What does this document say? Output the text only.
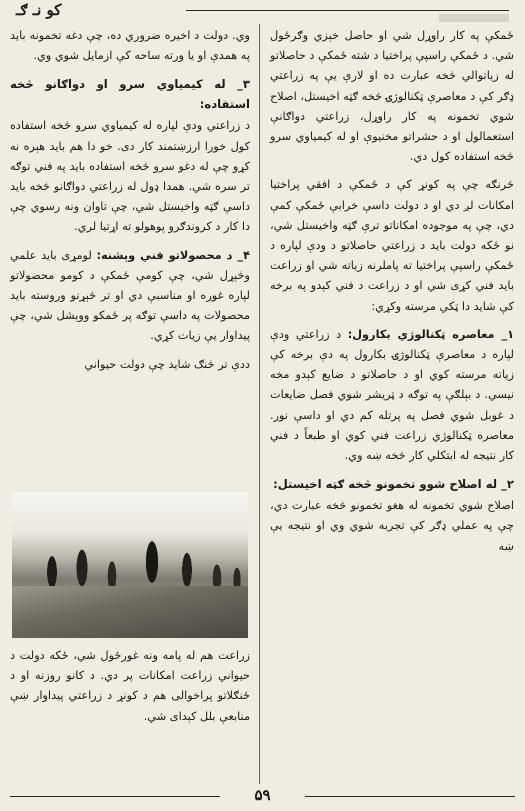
کو نـ ګـ

ځمکې په کار راوړل شي او حاصل خېزي وګرځول شي. د ځمکې راسپې پراختیا د شته ځمکې د حاصلاتو له زیاتوالي څخه عبارت ده او لارې یې په زراعتي ډګر کې د معاصرې ټکنالوژۍ څخه ګټه اخیستل، اصلاح شوي تخمونه په کار راوړل، زراعتي دواګانې استعمالول او د حشراتو مخنیوې او له کیمیاوي سرو څخه استفاده کول دي.

څرنګه چې په کونړ کې د ځمکې د افقي پراختیا امکانات لږ دي او د دولت داسې خرابې ځمکې کمې دي، چې په موجوده امکاناتو ترې ګټه واخیستل شي، نو ځکه دولت باید د زراعتي حاصلاتو د ودې لپاره د ځمکې راسپې پراختیا ته پاملرنه زیاته شي او زراعت باید فني کړی شي او د زراعت د فني کېدو په برخه کې شاید دا ټکي مرسته وکړي:

۱_ معاصره ټکنالوژي بکارول: د زراعتي ودې لپاره د معاصرې ټکنالوژۍ بکارول په دې برخه کې زیاته مرسته کوي او د حاصلاتو د ضایع کېدو مخه نیسي. د بېلګې په توګه د ټریشر شوي فصل ضایعات د غوبل شوي فصل په پرتله کم دي او داسې نور. معاصره ټکنالوژي زراعت فني کوي او طبعاً د فني کار نتیجه له ابتکلي کار څخه ښه وي.

۲_ له اصلاح شوو تخمونو څخه ګټه اخیستل:

اصلاح شوي تخمونه له هغو تخمونو څخه عبارت دي، چې په عملي ډګر کې تجربه شوي وي او نتیجه یې ښه

وي. دولت د اخیره ضروري ده، چې دغه تخمونه باید په همدې او یا ورته ساحه کې ازمایل شوي وي.

۳_ له کیمیاوي سرو او دواګانو څخه استفاده:

د زراعتي ودې لپاره له کیمیاوي سرو څخه استفاده کول خورا ارزښتمند کار دی. خو دا هم باید هېره نه کړو چې له دغو سرو څخه استفاده باید په فني توګه تر سره شي. همدا ډول له زراعتي دواګانو څخه باید داسې ګټه واخیستل شي، چې تاوان ونه رسوي چې دا کار د کروندګرو پوهولو ته اړتیا لري.

۴_ د محصولاتو فني وېشنه: لومړی باید علمي وڅېړل شي، چې کومې ځمکې د کومو محصولاتو لپاره غوره او مناسبې دي او تر څېړنو وروسته باید محصولات په داسې توګه پر ځمکو ووېشل شي، چې پیداوار یې زیات کړي.

ددې تر څنګ شاید چې دولت حیواني

زراعت هم له پامه ونه غورځول شي، ځکه دولت د حیواني زراعت امکانات پر دي. د کانو روزنه او د ځنګلاتو پراخوالی هم د کونړ د زراعتي پیداوار ښې منابعې بلل کېدای شي.

۵۹
